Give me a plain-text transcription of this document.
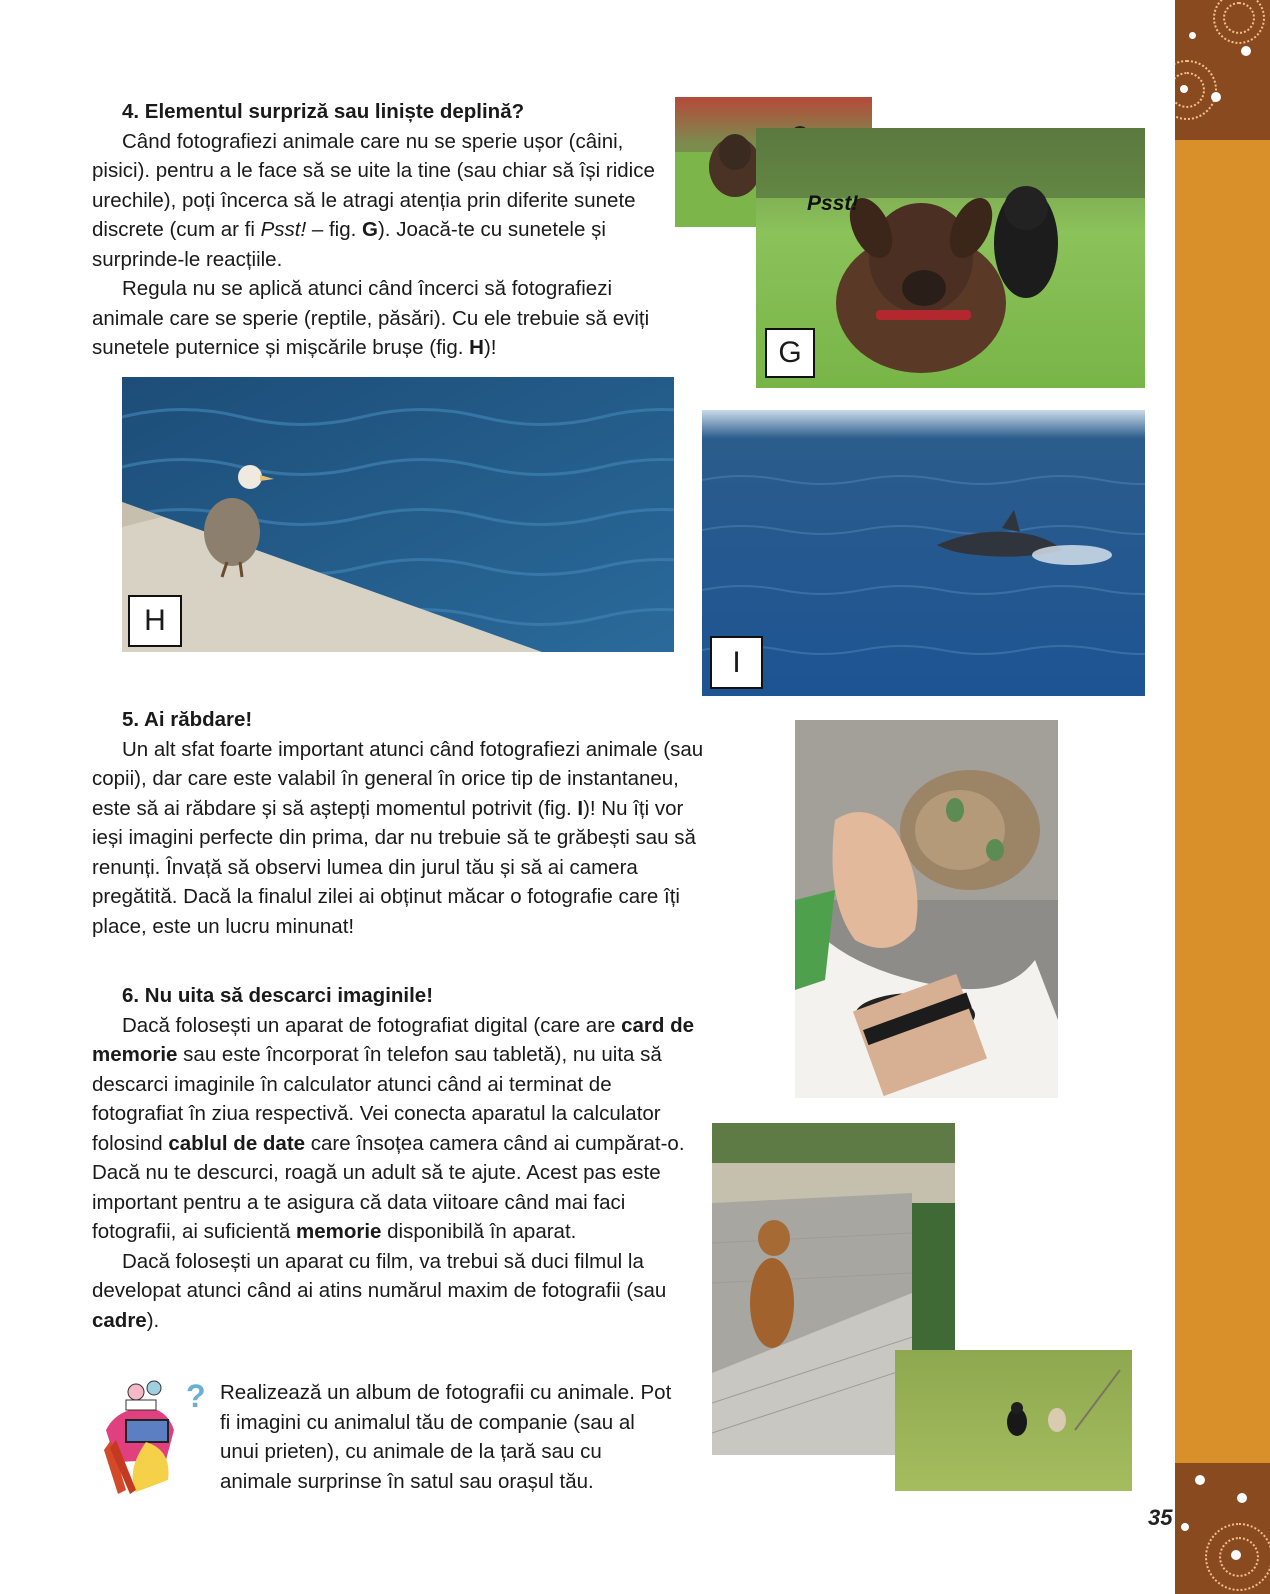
4. Elementul surpriză sau liniște deplină?

Când fotografiezi animale care nu se sperie ușor (câini, pisici). pentru a le face să se uite la tine (sau chiar să își ridice urechile), poți încerca să le atragi atenția prin diferite sunete discrete (cum ar fi Psst! – fig. G). Joacă-te cu sunetele și surprinde-le reacțiile.

Regula nu se aplică atunci când încerci să fotografiezi animale care se sperie (reptile, păsări). Cu ele trebuie să eviți sunetele puternice și mișcările brușe (fig. H)!

Psst!
G
H
I

5. Ai răbdare!

Un alt sfat foarte important atunci când fotografiezi animale (sau copii), dar care este valabil în general în orice tip de instantaneu, este să ai răbdare și să aștepți momentul potrivit (fig. I)! Nu îți vor ieși imagini perfecte din prima, dar nu trebuie să te grăbești sau să renunți. Învață să observi lumea din jurul tău și să ai camera pregătită. Dacă la finalul zilei ai obținut măcar o fotografie care îți place, este un lucru minunat!

6. Nu uita să descarci imaginile!

Dacă folosești un aparat de fotografiat digital (care are card de memorie sau este încorporat în telefon sau tabletă), nu uita să descarci imaginile în calculator atunci când ai terminat de fotografiat în ziua respectivă. Vei conecta aparatul la calculator folosind cablul de date care însoțea camera când ai cumpărat-o. Dacă nu te descurci, roagă un adult să te ajute. Acest pas este important pentru a te asigura că data viitoare când mai faci fotografii, ai suficientă memorie disponibilă în aparat.

Dacă folosești un aparat cu film, va trebui să duci filmul la developat atunci când ai atins numărul maxim de fotografii (sau cadre).

? Realizează un album de fotografii cu animale. Pot fi imagini cu animalul tău de companie (sau al unui prieten), cu animale de la țară sau cu animale surprinse în satul sau orașul tău.
35
